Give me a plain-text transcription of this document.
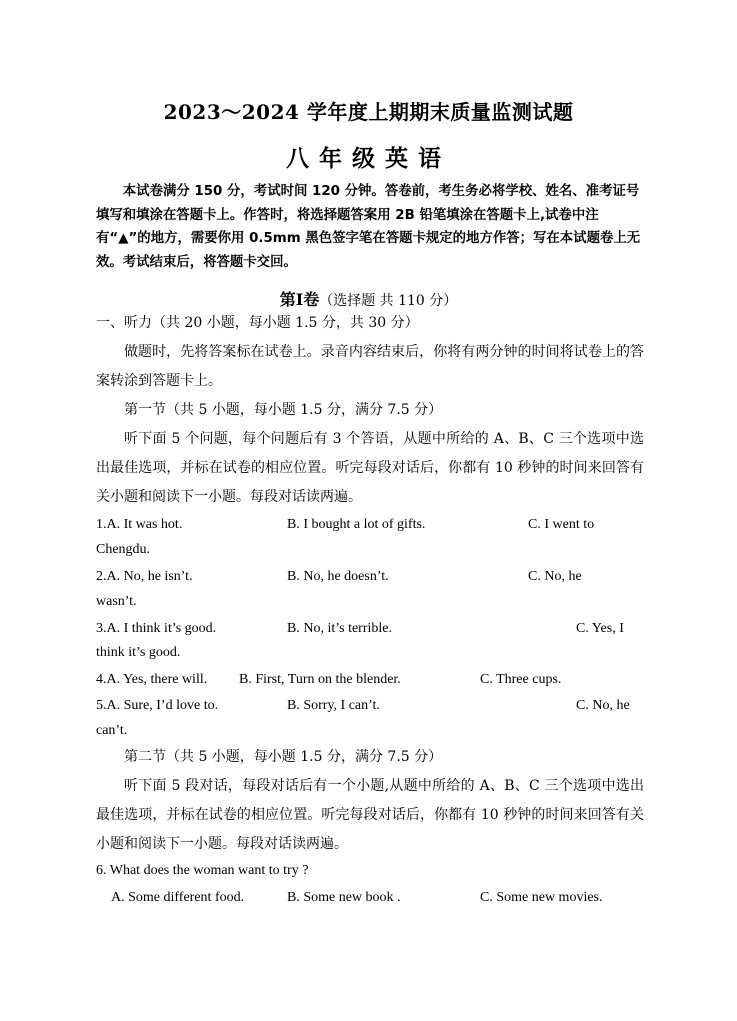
2023～2024 学年度上期期末质量监测试题
八年级英语

本试卷满分 150 分，考试时间 120 分钟。答卷前，考生务必将学校、姓名、准考证号填写和填涂在答题卡上。作答时，将选择题答案用 2B 铅笔填涂在答题卡上,试卷中注有“▲”的地方，需要你用 0.5mm 黑色签字笔在答题卡规定的地方作答；写在本试题卷上无效。考试结束后，将答题卡交回。

第Ⅰ卷（选择题 共 110 分）
一、听力（共 20 小题，每小题 1.5 分，共 30 分）

做题时，先将答案标在试卷上。录音内容结束后，你将有两分钟的时间将试卷上的答案转涂到答题卡上。

第一节（共 5 小题，每小题 1.5 分，满分 7.5 分）

听下面 5 个问题，每个问题后有 3 个答语，从题中所给的 A、B、C 三个选项中选出最佳选项，并标在试卷的相应位置。听完每段对话后，你都有 10 秒钟的时间来回答有关小题和阅读下一小题。每段对话读两遍。

1.A. It was hot.	B. I bought a lot of gifts.	C. I went to
Chengdu.
2.A. No, he isn’t.	B. No, he doesn’t.	C. No, he
wasn’t.
3.A. I think it’s good.	B. No, it’s terrible.	C. Yes, I
think it’s good.
4.A. Yes, there will. B. First, Turn on the blender.	C. Three cups.
5.A. Sure, I’d love to.	B. Sorry, I can’t.	C. No, he
can’t.

第二节（共 5 小题，每小题 1.5 分，满分 7.5 分）

听下面 5 段对话，每段对话后有一个小题,从题中所给的 A、B、C 三个选项中选出最佳选项，并标在试卷的相应位置。听完每段对话后，你都有 10 秒钟的时间来回答有关小题和阅读下一小题。每段对话读两遍。

6. What does the woman want to try ?
A. Some different food.	B. Some new book .	C. Some new movies.
